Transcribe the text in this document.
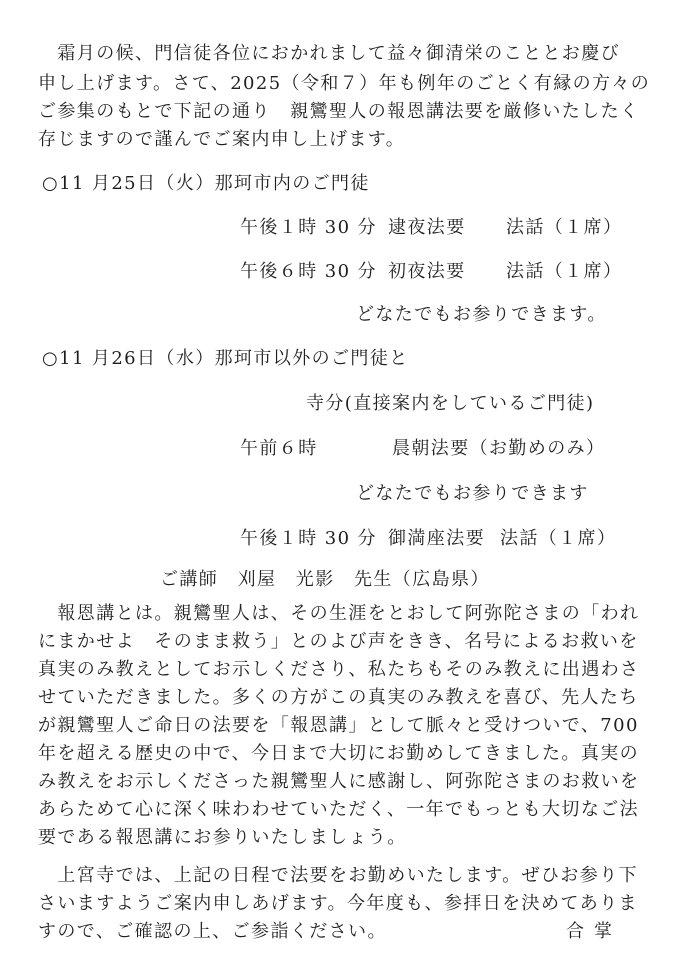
　霜月の候、門信徒各位におかれまして益々御清栄のこととお慶び
申し上げます。さて、2025（令和７）年も例年のごとく有縁の方々の
ご参集のもとで下記の通り　親鸞聖人の報恩講法要を厳修いたしたく
存じますので謹んでご案内申し上げます。
○11 月25日（火）那珂市内のご門徒
午後１時 30 分 逮夜法要 法話（１席）
午後６時 30 分 初夜法要 法話（１席）
どなたでもお参りできます。
○11 月26日（水）那珂市以外のご門徒と
寺分(直接案内をしているご門徒)
午前６時	晨朝法要（お勤めのみ）
どなたでもお参りできます
午後１時 30 分 御満座法要 法話（１席）
ご講師　刈屋　光影　先生（広島県）
　報恩講とは。親鸞聖人は、その生涯をとおして阿弥陀さまの「われ
にまかせよ　そのまま救う」とのよび声をきき、名号によるお救いを
真実のみ教えとしてお示しくださり、私たちもそのみ教えに出遇わさ
せていただきました。多くの方がこの真実のみ教えを喜び、先人たち
が親鸞聖人ご命日の法要を「報恩講」として脈々と受けついで、700
年を超える歴史の中で、今日まで大切にお勤めしてきました。真実の
み教えをお示しくださった親鸞聖人に感謝し、阿弥陀さまのお救いを
あらためて心に深く味わわせていただく、一年でもっとも大切なご法
要である報恩講にお参りいたしましょう。
　上宮寺では、上記の日程で法要をお勤めいたします。ぜひお参り下
さいますようご案内申しあげます。今年度も、参拝日を決めてありま
すので、ご確認の上、ご参詣ください。	合掌
